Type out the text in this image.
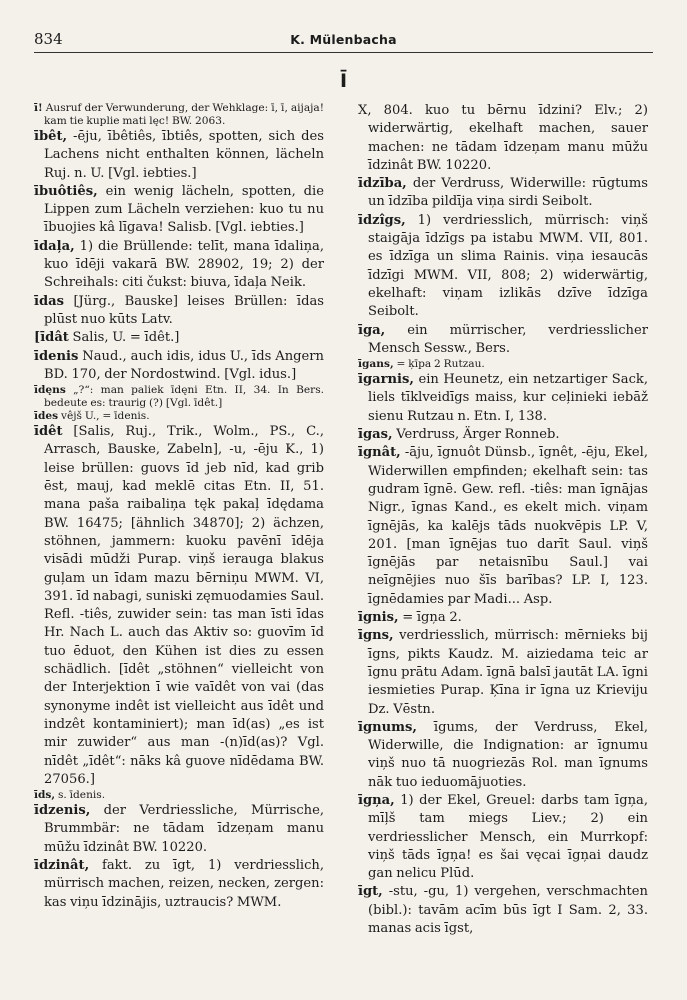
834	K. Mülenbacha
Ī

ī! Ausruf der Verwunderung, der Wehklage: ī, ī, aijaja! kam tie kuplie mati lęc! BW. 2063.

ībêt, -ēju, ībêtiês, ībtiês, spotten, sich des Lachens nicht enthalten können, lächeln Ruj. n. U. [Vgl. iebties.]

ībuôtiês, ein wenig lächeln, spotten, die Lippen zum Lächeln verziehen: kuo tu nu ībuojies kâ līgava! Salisb. [Vgl. iebties.]

īdaļa, 1) die Brüllende: telīt, mana īdaliņa, kuo īdēji vakarā BW. 28902, 19; 2) der Schreihals: citi čukst: biuva, īdaļa Neik.

īdas [Jürg., Bauske] leises Brüllen: īdas plūst nuo kūts Latv.

[īdât Salis, U. = īdêt.]

īdenis Naud., auch idis, idus U., īds Angern BD. 170, der Nordostwind. [Vgl. idus.]

īdęns „?“: man paliek īdęni Etn. II, 34. In Bers. bedeute es: traurig (?) [Vgl. īdêt.]

īdes vêjš U., = īdenis.

īdêt [Salis, Ruj., Trik., Wolm., PS., C., Arrasch, Bauske, Zabeln], -u, -ēju K., 1) leise brüllen: guovs īd jeb nīd, kad grib ēst, mauj, kad meklē citas Etn. II, 51. mana paša raibaliņa tęk pakaļ īdędama BW. 16475; [ähnlich 34870]; 2) ächzen, stöhnen, jammern: kuoku pavēnī īdēja visādi mūdži Purap. viņš ierauga blakus guļam un īdam mazu bērniņu MWM. VI, 391. īd nabagi, suniski zęmuodamies Saul. Refl. -tiês, zuwider sein: tas man īsti īdas Hr. Nach L. auch das Aktiv so: guovīm īd tuo ēduot, den Kühen ist dies zu essen schädlich. [īdêt „stöhnen“ vielleicht von der Interjektion ī wie vaīdêt von vai (das synonyme indêt ist vielleicht aus īdêt und indzêt kontaminiert); man īd(as) „es ist mir zuwider“ aus man -(n)īd(as)? Vgl. nīdêt „īdêt“: nāks kâ guove nīdēdama BW. 27056.]

īds, s. īdenis.

īdzenis, der Verdriessliche, Mürrische, Brummbär: ne tādam īdzeņam manu mūžu īdzinât BW. 10220.

īdzinât, fakt. zu īgt, 1) verdriesslich, mürrisch machen, reizen, necken, zergen: kas viņu īdzinājis, uztraucis? MWM.

X, 804. kuo tu bērnu īdzini? Elv.; 2) widerwärtig, ekelhaft machen, sauer machen: ne tādam īdzeņam manu mūžu īdzinât BW. 10220.

īdzība, der Verdruss, Widerwille: rūgtums un īdzība pildīja viņa sirdi Seibolt.

īdzîgs, 1) verdriesslich, mürrisch: viņš staigāja īdzīgs pa istabu MWM. VII, 801. es īdzīga un slima Rainis. viņa iesaucās īdzīgi MWM. VII, 808; 2) widerwärtig, ekelhaft: viņam izlikās dzīve īdzīga Seibolt.

īga, ein mürrischer, verdriesslicher Mensch Sessw., Bers.

īgans, = ķīpa 2 Rutzau.

īgarnis, ein Heunetz, ein netzartiger Sack, liels tīklveidīgs maiss, kur ceļinieki iebāž sienu Rutzau n. Etn. I, 138.

īgas, Verdruss, Ärger Ronneb.

īgnât, -āju, īgnuôt Dünsb., īgnêt, -ēju, Ekel, Widerwillen empfinden; ekelhaft sein: tas gudram īgnē. Gew. refl. -tiês: man īgnājas Nigr., īgnas Kand., es ekelt mich. viņam īgnējās, ka kalējs tāds nuokvēpis LP. V, 201. [man īgnējas tuo darīt Saul. viņš īgnējās par netaisnību Saul.] vai neīgnējies nuo šīs barības? LP. I, 123. īgnēdamies par Madi... Asp.

īgnis, = īgņa 2.

īgns, verdriesslich, mürrisch: mērnieks bij īgns, pikts Kaudz. M. aiziedama teic ar īgnu prātu Adam. īgnā balsī jautāt LA. īgni iesmieties Purap. Ķīna ir īgna uz Krieviju Dz. Vēstn.

īgnums, īgums, der Verdruss, Ekel, Widerwille, die Indignation: ar īgnumu viņš nuo tā nuogriezās Rol. man īgnums nāk tuo ieduomājuoties.

īgņa, 1) der Ekel, Greuel: darbs tam īgņa, mīļš tam miegs Liev.; 2) ein verdriesslicher Mensch, ein Murrkopf: viņš tāds īgņa! es šai vęcai īgņai daudz gan nelicu Plūd.

īgt, -stu, -gu, 1) vergehen, verschmachten (bibl.): tavām acīm būs īgt I Sam. 2, 33. manas acis īgst,
